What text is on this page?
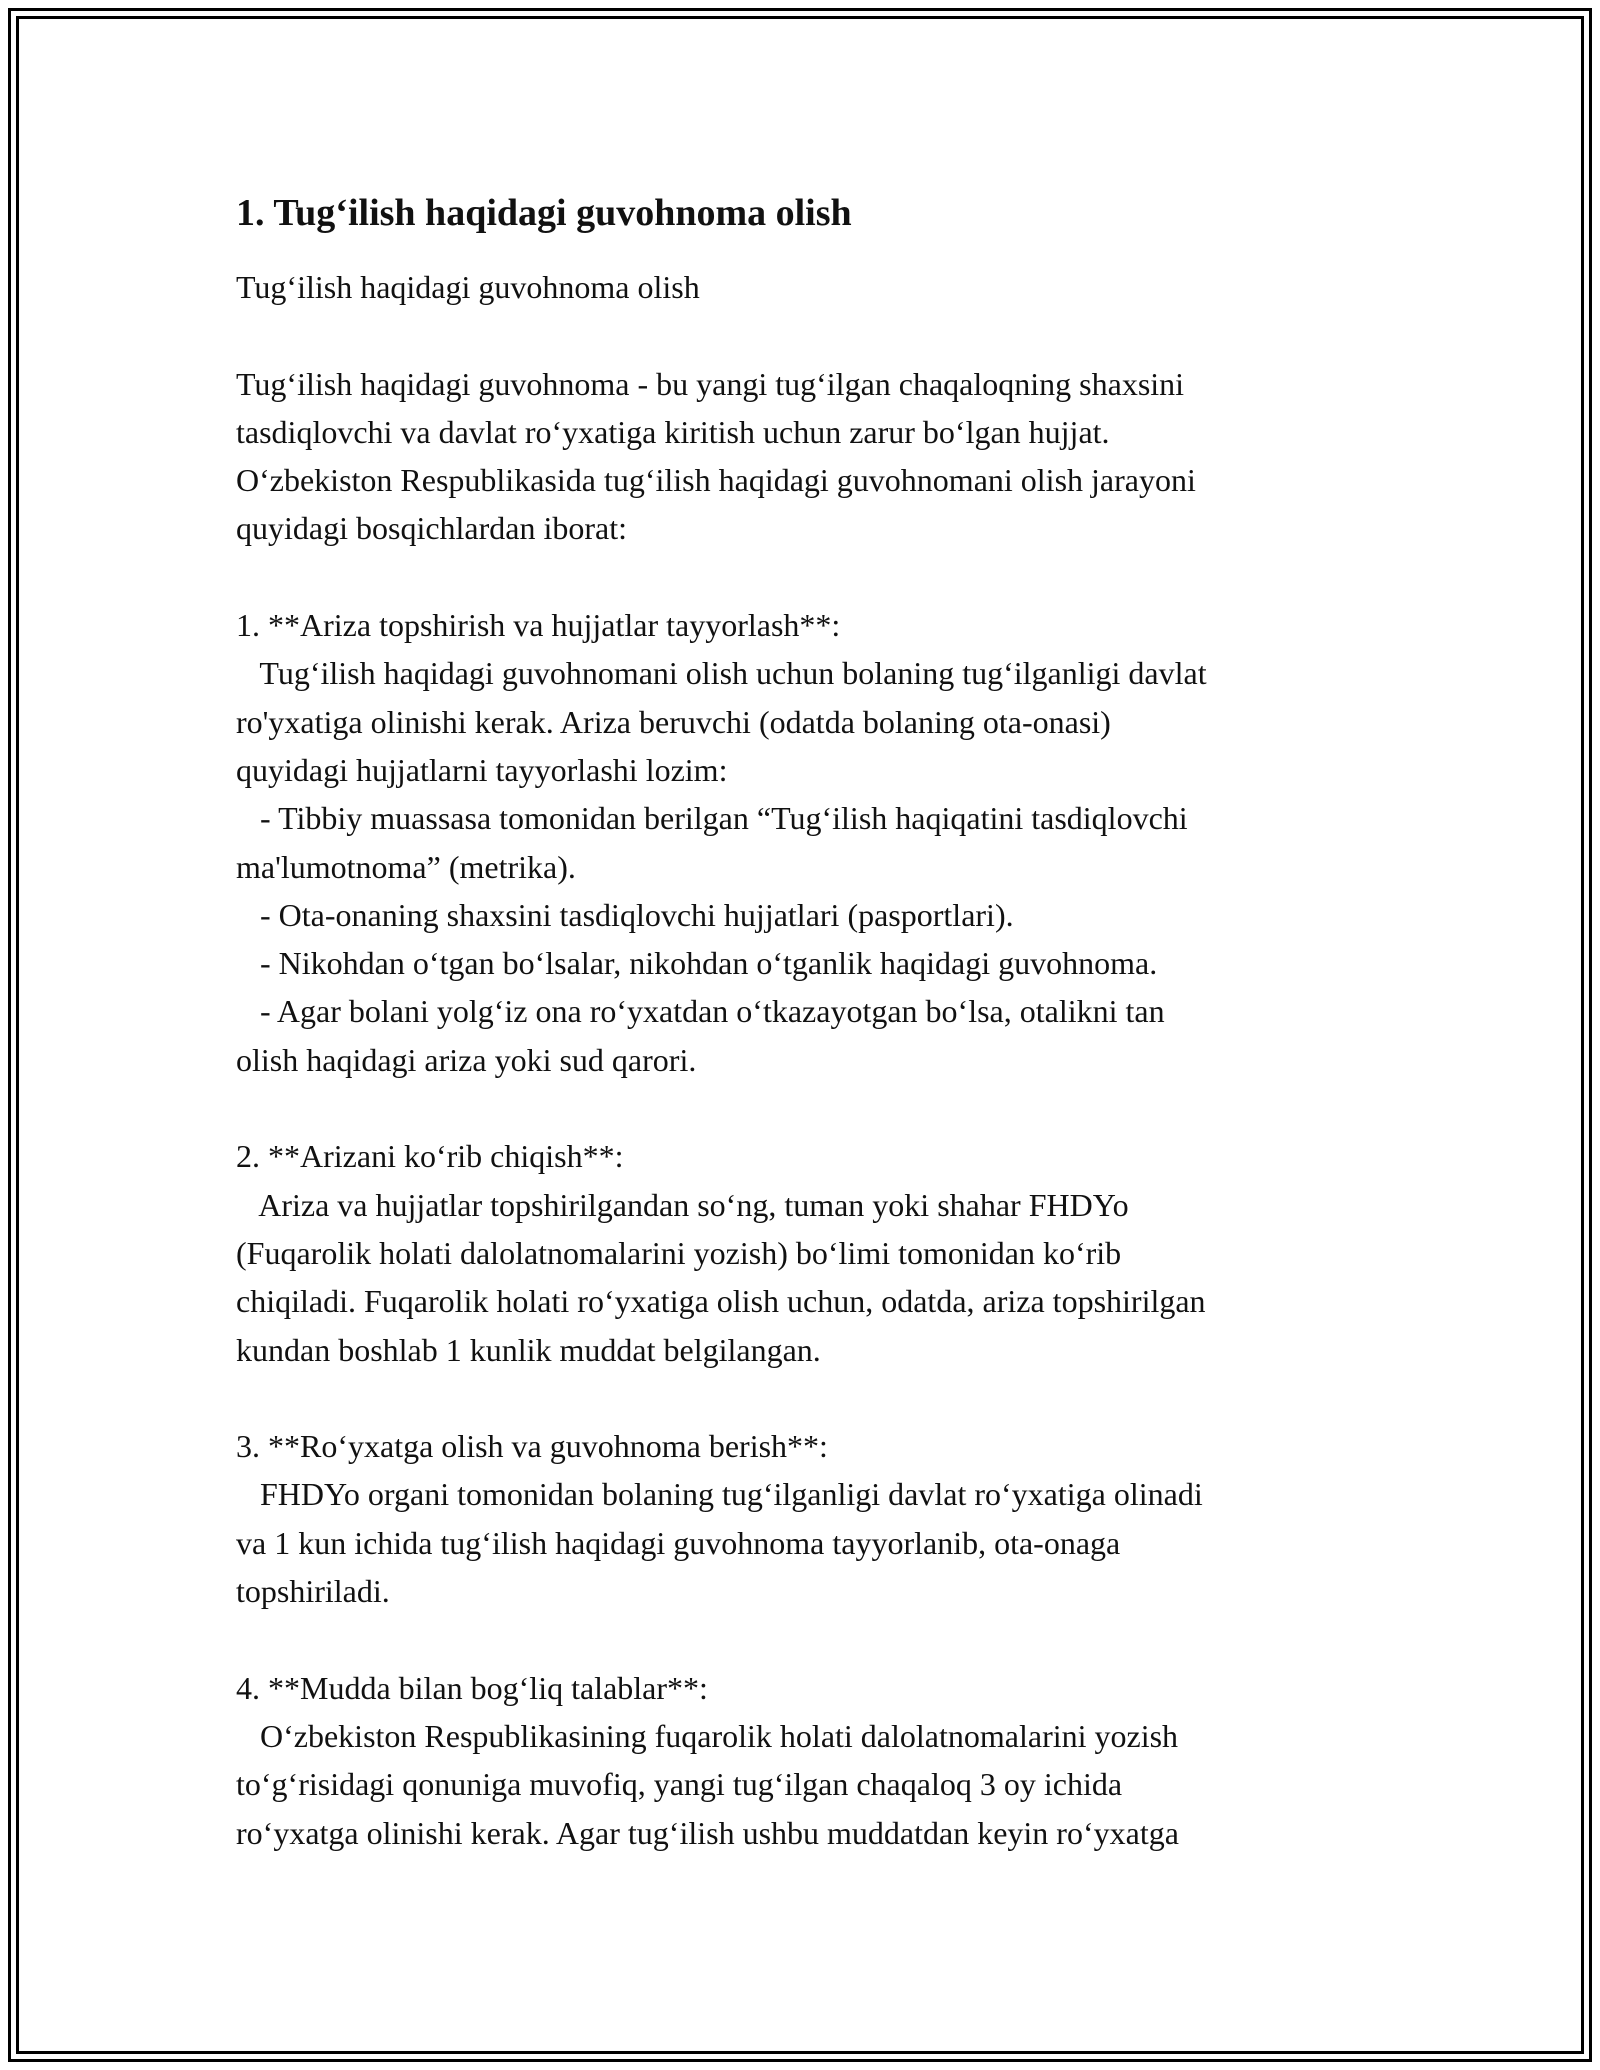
1. Tug‘ilish haqidagi guvohnoma olish
Tug‘ilish haqidagi guvohnoma olish
Tug‘ilish haqidagi guvohnoma - bu yangi tug‘ilgan chaqaloqning shaxsini
tasdiqlovchi va davlat ro‘yxatiga kiritish uchun zarur bo‘lgan hujjat.
O‘zbekiston Respublikasida tug‘ilish haqidagi guvohnomani olish jarayoni
quyidagi bosqichlardan iborat:
1. **Ariza topshirish va hujjatlar tayyorlash**:
Tug‘ilish haqidagi guvohnomani olish uchun bolaning tug‘ilganligi davlat
ro'yxatiga olinishi kerak. Ariza beruvchi (odatda bolaning ota-onasi)
quyidagi hujjatlarni tayyorlashi lozim:
- Tibbiy muassasa tomonidan berilgan “Tug‘ilish haqiqatini tasdiqlovchi
ma'lumotnoma” (metrika).
- Ota-onaning shaxsini tasdiqlovchi hujjatlari (pasportlari).
- Nikohdan o‘tgan bo‘lsalar, nikohdan o‘tganlik haqidagi guvohnoma.
- Agar bolani yolg‘iz ona ro‘yxatdan o‘tkazayotgan bo‘lsa, otalikni tan
olish haqidagi ariza yoki sud qarori.
2. **Arizani ko‘rib chiqish**:
Ariza va hujjatlar topshirilgandan so‘ng, tuman yoki shahar FHDYo
(Fuqarolik holati dalolatnomalarini yozish) bo‘limi tomonidan ko‘rib
chiqiladi. Fuqarolik holati ro‘yxatiga olish uchun, odatda, ariza topshirilgan
kundan boshlab 1 kunlik muddat belgilangan.
3. **Ro‘yxatga olish va guvohnoma berish**:
FHDYo organi tomonidan bolaning tug‘ilganligi davlat ro‘yxatiga olinadi
va 1 kun ichida tug‘ilish haqidagi guvohnoma tayyorlanib, ota-onaga
topshiriladi.
4. **Mudda bilan bog‘liq talablar**:
O‘zbekiston Respublikasining fuqarolik holati dalolatnomalarini yozish
to‘g‘risidagi qonuniga muvofiq, yangi tug‘ilgan chaqaloq 3 oy ichida
ro‘yxatga olinishi kerak. Agar tug‘ilish ushbu muddatdan keyin ro‘yxatga
